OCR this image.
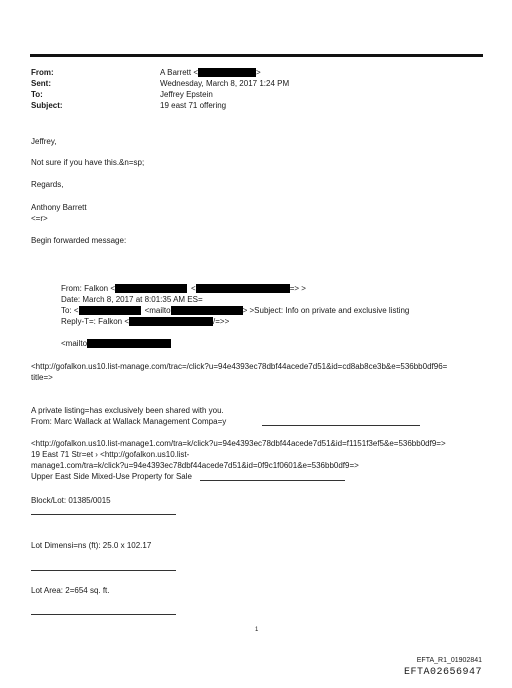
From:	A Barrett <	>
Sent:	Wednesday, March 8, 2017 1:24 PM
To:	Jeffrey Epstein
Subject:	19 east 71 offering
Jeffrey,
Not sure if you have this.&n=sp;
Regards,
Anthony Barrett
<=r>
Begin forwarded message:
From: Falkon <	<	=> >
Date: March 8, 2017 at 8:01:35 AM ES=
To: <	<mailto	> >Subject: Info on private and exclusive listing
Reply-T=: Falkon <	/=>>
<mailto
<http://gofalkon.us10.list-manage.com/trac=/click?u=94e4393ec78dbf44acede7d51&id=cd8ab8ce3b&e=536bb0df96=
title=>
A private listing=has exclusively been shared with you.
From: Marc Wallack at Wallack Management Compa=y
<http://gofalkon.us10.list-manage1.com/tra=k/click?u=94e4393ec78dbf44acede7d51&id=f1151f3ef5&e=536bb0df9=>
19 East 71 Str=et › <http://gofalkon.us10.list-
manage1.com/tra=k/click?u=94e4393ec78dbf44acede7d51&id=0f9c1f0601&e=536bb0df9=>
Upper East Side Mixed-Use Property for Sale
Block/Lot: 01385/0015
Lot Dimensi=ns (ft): 25.0 x 102.17
Lot Area: 2=654 sq. ft.
1
EFTA_R1_01902841
EFTA02656947
